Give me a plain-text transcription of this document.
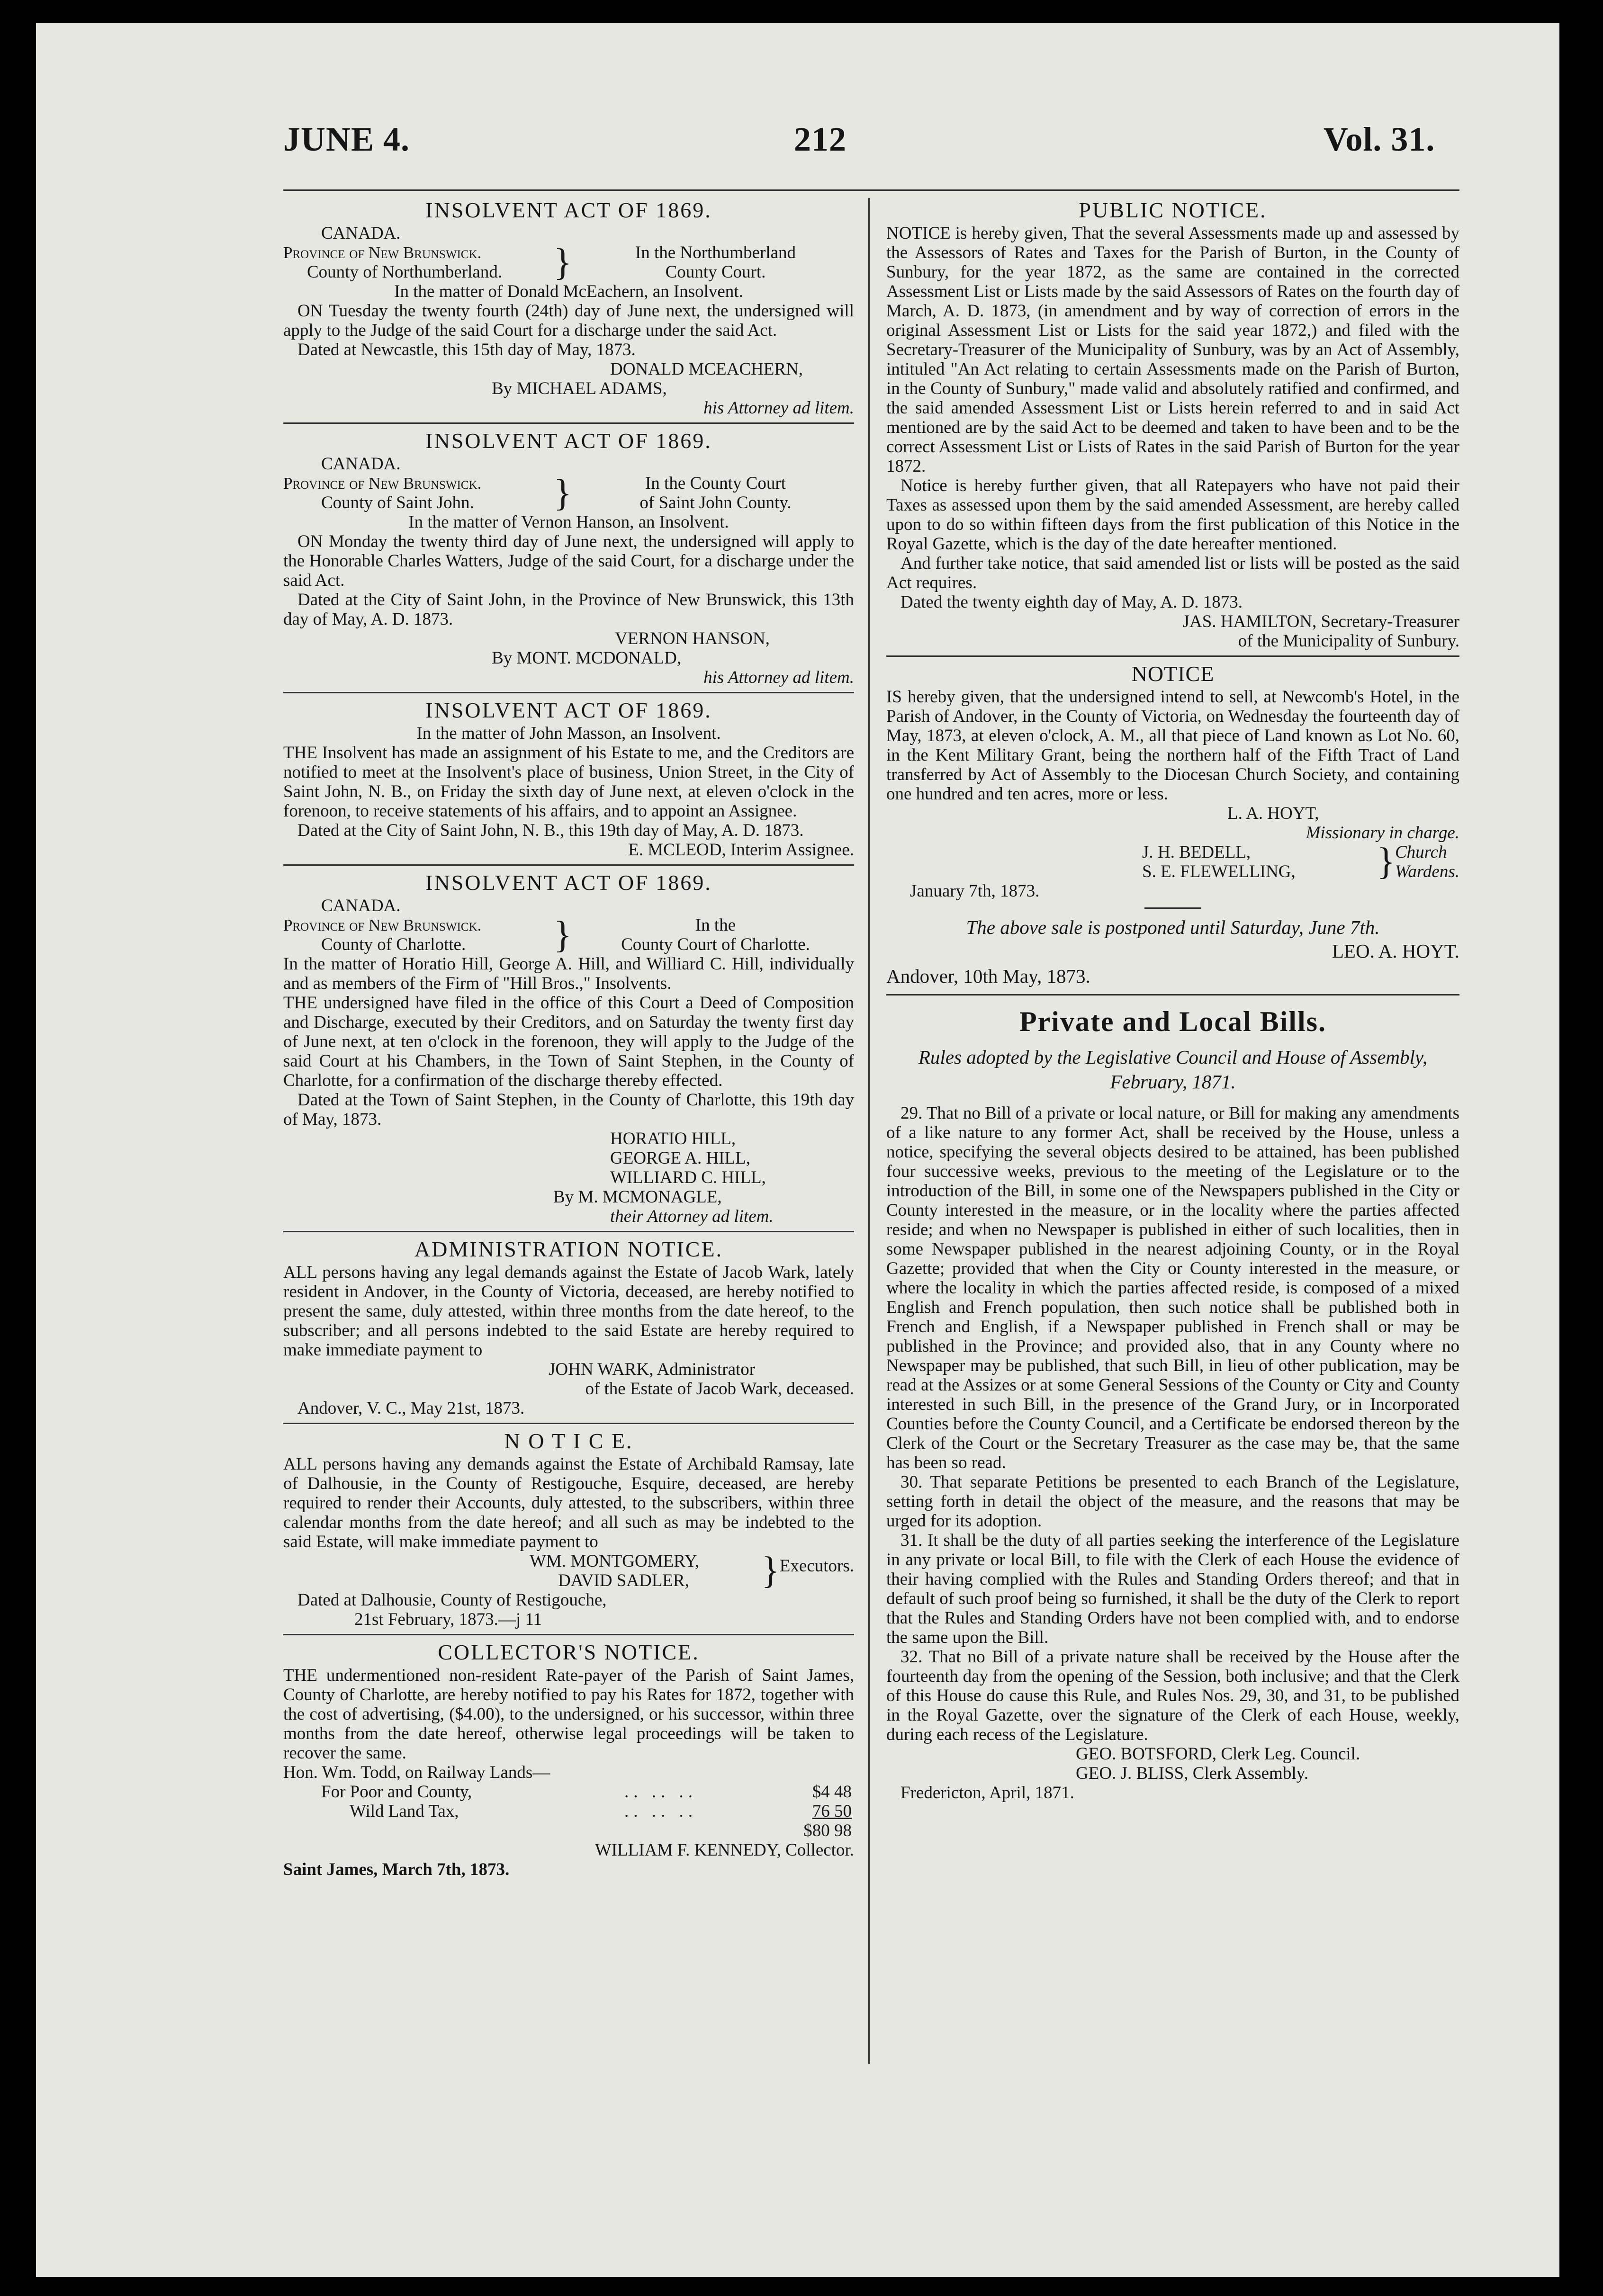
JUNE 4.	212	Vol. 31.
INSOLVENT ACT OF 1869.

CANADA.

Province of New Brunswick.
County of Northumberland.	}	In the Northumberland
County Court.

In the matter of Donald McEachern, an Insolvent.

ON Tuesday the twenty fourth (24th) day of June next, the undersigned will apply to the Judge of the said Court for a discharge under the said Act.

Dated at Newcastle, this 15th day of May, 1873.

DONALD MCEACHERN,

By MICHAEL ADAMS,

his Attorney ad litem.

INSOLVENT ACT OF 1869.

CANADA.

Province of New Brunswick.
County of Saint John.	}	In the County Court
of Saint John County.

In the matter of Vernon Hanson, an Insolvent.

ON Monday the twenty third day of June next, the undersigned will apply to the Honorable Charles Watters, Judge of the said Court, for a discharge under the said Act.

Dated at the City of Saint John, in the Province of New Brunswick, this 13th day of May, A. D. 1873.

VERNON HANSON,

By MONT. MCDONALD,

his Attorney ad litem.

INSOLVENT ACT OF 1869.

In the matter of John Masson, an Insolvent.

THE Insolvent has made an assignment of his Estate to me, and the Creditors are notified to meet at the Insolvent's place of business, Union Street, in the City of Saint John, N. B., on Friday the sixth day of June next, at eleven o'clock in the forenoon, to receive statements of his affairs, and to appoint an Assignee.

Dated at the City of Saint John, N. B., this 19th day of May, A. D. 1873.

E. MCLEOD, Interim Assignee.

INSOLVENT ACT OF 1869.

CANADA.

Province of New Brunswick.
County of Charlotte.	}	In the
County Court of Charlotte.

In the matter of Horatio Hill, George A. Hill, and Williard C. Hill, individually and as members of the Firm of "Hill Bros.," Insolvents.

THE undersigned have filed in the office of this Court a Deed of Composition and Discharge, executed by their Creditors, and on Saturday the twenty first day of June next, at ten o'clock in the forenoon, they will apply to the Judge of the said Court at his Chambers, in the Town of Saint Stephen, in the County of Charlotte, for a confirmation of the discharge thereby effected.

Dated at the Town of Saint Stephen, in the County of Charlotte, this 19th day of May, 1873.

HORATIO HILL,

GEORGE A. HILL,

WILLIARD C. HILL,

By M. MCMONAGLE,

their Attorney ad litem.

ADMINISTRATION NOTICE.

ALL persons having any legal demands against the Estate of Jacob Wark, lately resident in Andover, in the County of Victoria, deceased, are hereby notified to present the same, duly attested, within three months from the date hereof, to the subscriber; and all persons indebted to the said Estate are hereby required to make immediate payment to

JOHN WARK, Administrator

of the Estate of Jacob Wark, deceased.

Andover, V. C., May 21st, 1873.

N O T I C E.

ALL persons having any demands against the Estate of Archibald Ramsay, late of Dalhousie, in the County of Restigouche, Esquire, deceased, are hereby required to render their Accounts, duly attested, to the subscribers, within three calendar months from the date hereof; and all such as may be indebted to the said Estate, will make immediate payment to

WM. MONTGOMERY,
DAVID SADLER,	} Executors.

Dated at Dalhousie, County of Restigouche,

21st February, 1873.—j 11

COLLECTOR'S NOTICE.

THE undermentioned non-resident Rate-payer of the Parish of Saint James, County of Charlotte, are hereby notified to pay his Rates for 1872, together with the cost of advertising, ($4.00), to the undersigned, or his successor, within three months from the date hereof, otherwise legal proceedings will be taken to recover the same.

Hon. Wm. Todd, on Railway Lands—
For Poor and County,	.. .. ..	$4 48
Wild Land Tax,	.. .. ..	76 50
$80 98

WILLIAM F. KENNEDY, Collector.

Saint James, March 7th, 1873.

PUBLIC NOTICE.

NOTICE is hereby given, That the several Assessments made up and assessed by the Assessors of Rates and Taxes for the Parish of Burton, in the County of Sunbury, for the year 1872, as the same are contained in the corrected Assessment List or Lists made by the said Assessors of Rates on the fourth day of March, A. D. 1873, (in amendment and by way of correction of errors in the original Assessment List or Lists for the said year 1872,) and filed with the Secretary-Treasurer of the Municipality of Sunbury, was by an Act of Assembly, intituled "An Act relating to certain Assessments made on the Parish of Burton, in the County of Sunbury," made valid and absolutely ratified and confirmed, and the said amended Assessment List or Lists herein referred to and in said Act mentioned are by the said Act to be deemed and taken to have been and to be the correct Assessment List or Lists of Rates in the said Parish of Burton for the year 1872.

Notice is hereby further given, that all Ratepayers who have not paid their Taxes as assessed upon them by the said amended Assessment, are hereby called upon to do so within fifteen days from the first publication of this Notice in the Royal Gazette, which is the day of the date hereafter mentioned.

And further take notice, that said amended list or lists will be posted as the said Act requires.

Dated the twenty eighth day of May, A. D. 1873.

JAS. HAMILTON, Secretary-Treasurer

of the Municipality of Sunbury.

NOTICE

IS hereby given, that the undersigned intend to sell, at Newcomb's Hotel, in the Parish of Andover, in the County of Victoria, on Wednesday the fourteenth day of May, 1873, at eleven o'clock, A. M., all that piece of Land known as Lot No. 60, in the Kent Military Grant, being the northern half of the Fifth Tract of Land transferred by Act of Assembly to the Diocesan Church Society, and containing one hundred and ten acres, more or less.

L. A. HOYT,

Missionary in charge.

J. H. BEDELL,
S. E. FLEWELLING,	} Church
Wardens.

January 7th, 1873.

The above sale is postponed until Saturday, June 7th.

LEO. A. HOYT.

Andover, 10th May, 1873.

Private and Local Bills.
Rules adopted by the Legislative Council and House of Assembly, February, 1871.

29. That no Bill of a private or local nature, or Bill for making any amendments of a like nature to any former Act, shall be received by the House, unless a notice, specifying the several objects desired to be attained, has been published four successive weeks, previous to the meeting of the Legislature or to the introduction of the Bill, in some one of the Newspapers published in the City or County interested in the measure, or in the locality where the parties affected reside; and when no Newspaper is published in either of such localities, then in some Newspaper published in the nearest adjoining County, or in the Royal Gazette; provided that when the City or County interested in the measure, or where the locality in which the parties affected reside, is composed of a mixed English and French population, then such notice shall be published both in French and English, if a Newspaper published in French shall or may be published in the Province; and provided also, that in any County where no Newspaper may be published, that such Bill, in lieu of other publication, may be read at the Assizes or at some General Sessions of the County or City and County interested in such Bill, in the presence of the Grand Jury, or in Incorporated Counties before the County Council, and a Certificate be endorsed thereon by the Clerk of the Court or the Secretary Treasurer as the case may be, that the same has been so read.

30. That separate Petitions be presented to each Branch of the Legislature, setting forth in detail the object of the measure, and the reasons that may be urged for its adoption.

31. It shall be the duty of all parties seeking the interference of the Legislature in any private or local Bill, to file with the Clerk of each House the evidence of their having complied with the Rules and Standing Orders thereof; and that in default of such proof being so furnished, it shall be the duty of the Clerk to report that the Rules and Standing Orders have not been complied with, and to endorse the same upon the Bill.

32. That no Bill of a private nature shall be received by the House after the fourteenth day from the opening of the Session, both inclusive; and that the Clerk of this House do cause this Rule, and Rules Nos. 29, 30, and 31, to be published in the Royal Gazette, over the signature of the Clerk of each House, weekly, during each recess of the Legislature.

GEO. BOTSFORD, Clerk Leg. Council.

GEO. J. BLISS, Clerk Assembly.

Fredericton, April, 1871.
